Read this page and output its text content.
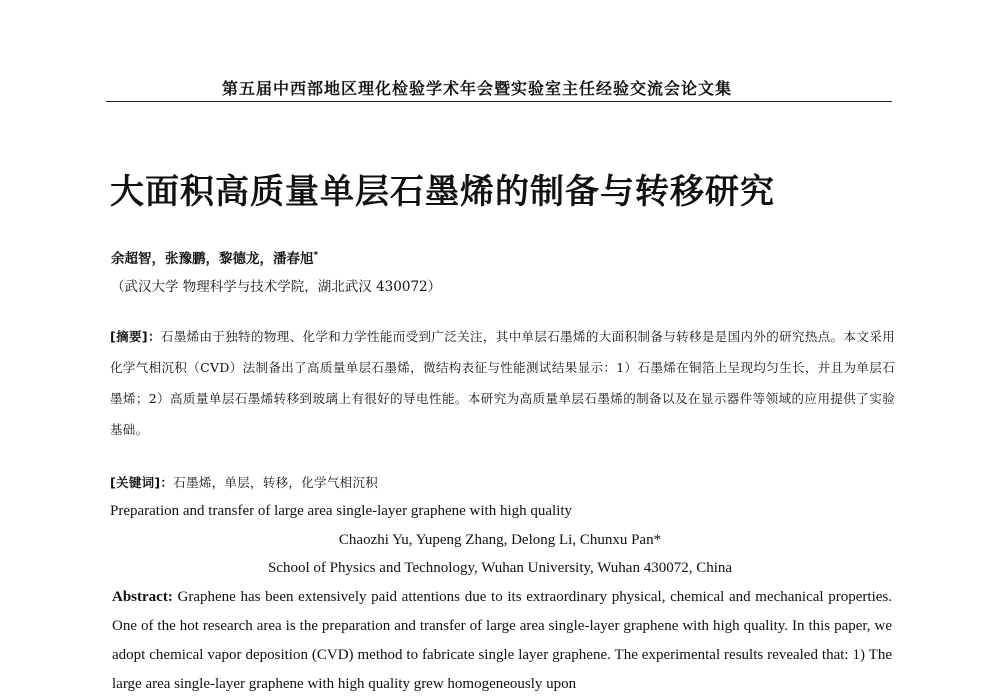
第五届中西部地区理化检验学术年会暨实验室主任经验交流会论文集
大面积高质量单层石墨烯的制备与转移研究
余超智，张豫鹏，黎德龙，潘春旭*
（武汉大学 物理科学与技术学院，湖北武汉 430072）
[摘要]：石墨烯由于独特的物理、化学和力学性能而受到广泛关注，其中单层石墨烯的大面积制备与转移是是国内外的研究热点。本文采用化学气相沉积（CVD）法制备出了高质量单层石墨烯，微结构表征与性能测试结果显示：1）石墨烯在铜箔上呈现均匀生长，并且为单层石墨烯；2）高质量单层石墨烯转移到玻璃上有很好的导电性能。本研究为高质量单层石墨烯的制备以及在显示器件等领域的应用提供了实验基础。
[关键词]：石墨烯，单层，转移，化学气相沉积
Preparation and transfer of large area single-layer graphene with high quality
Chaozhi Yu, Yupeng Zhang, Delong Li, Chunxu Pan*
School of Physics and Technology, Wuhan University, Wuhan 430072, China
Abstract: Graphene has been extensively paid attentions due to its extraordinary physical, chemical and mechanical properties. One of the hot research area is the preparation and transfer of large area single-layer graphene with high quality. In this paper, we adopt chemical vapor deposition (CVD) method to fabricate single layer graphene. The experimental results revealed that: 1) The large area single-layer graphene with high quality grew homogeneously upon
